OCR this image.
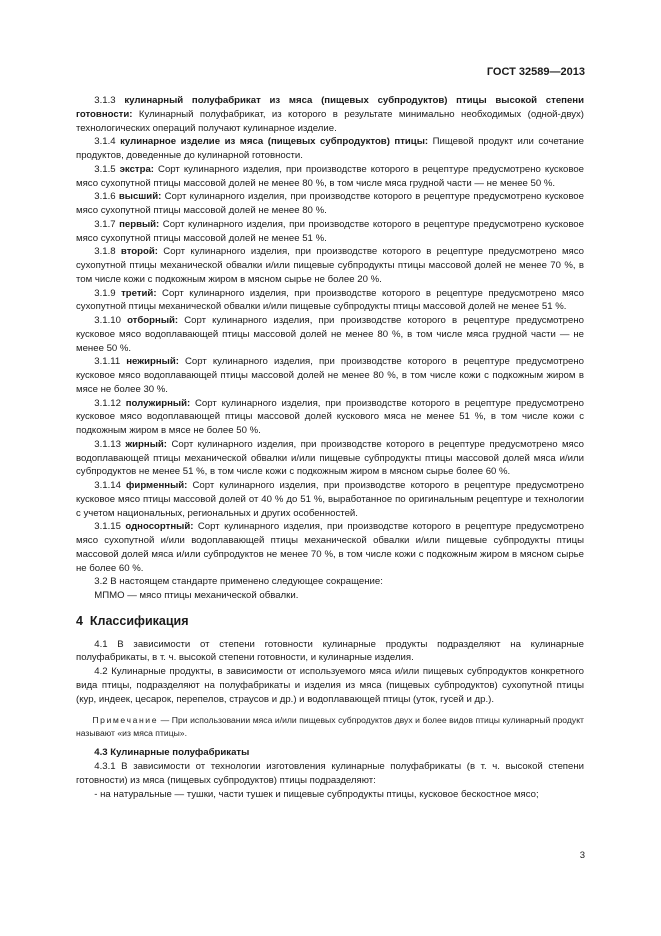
ГОСТ 32589—2013

3.1.3 кулинарный полуфабрикат из мяса (пищевых субпродуктов) птицы высокой степени готовности: Кулинарный полуфабрикат, из которого в результате минимально необходимых (одной-двух) технологических операций получают кулинарное изделие.

3.1.4 кулинарное изделие из мяса (пищевых субпродуктов) птицы: Пищевой продукт или сочетание продуктов, доведенные до кулинарной готовности.

3.1.5 экстра: Сорт кулинарного изделия, при производстве которого в рецептуре предусмотрено кусковое мясо сухопутной птицы массовой долей не менее 80 %, в том числе мяса грудной части — не менее 50 %.

3.1.6 высший: Сорт кулинарного изделия, при производстве которого в рецептуре предусмотрено кусковое мясо сухопутной птицы массовой долей не менее 80 %.

3.1.7 первый: Сорт кулинарного изделия, при производстве которого в рецептуре предусмотрено кусковое мясо сухопутной птицы массовой долей не менее 51 %.

3.1.8 второй: Сорт кулинарного изделия, при производстве которого в рецептуре предусмотрено мясо сухопутной птицы механической обвалки и/или пищевые субпродукты птицы массовой долей не менее 70 %, в том числе кожи с подкожным жиром в мясном сырье не более 20 %.

3.1.9 третий: Сорт кулинарного изделия, при производстве которого в рецептуре предусмотрено мясо сухопутной птицы механической обвалки и/или пищевые субпродукты птицы массовой долей не менее 51 %.

3.1.10 отборный: Сорт кулинарного изделия, при производстве которого в рецептуре предусмотрено кусковое мясо водоплавающей птицы массовой долей не менее 80 %, в том числе мяса грудной части — не менее 50 %.

3.1.11 нежирный: Сорт кулинарного изделия, при производстве которого в рецептуре предусмотрено кусковое мясо водоплавающей птицы массовой долей не менее 80 %, в том числе кожи с подкожным жиром в мясе не более 30 %.

3.1.12 полужирный: Сорт кулинарного изделия, при производстве которого в рецептуре предусмотрено кусковое мясо водоплавающей птицы массовой долей кускового мяса не менее 51 %, в том числе кожи с подкожным жиром в мясе не более 50 %.

3.1.13 жирный: Сорт кулинарного изделия, при производстве которого в рецептуре предусмотрено мясо водоплавающей птицы механической обвалки и/или пищевые субпродукты птицы массовой долей мяса и/или субпродуктов не менее 51 %, в том числе кожи с подкожным жиром в мясном сырье более 60 %.

3.1.14 фирменный: Сорт кулинарного изделия, при производстве которого в рецептуре предусмотрено кусковое мясо птицы массовой долей от 40 % до 51 %, выработанное по оригинальным рецептуре и технологии с учетом национальных, региональных и других особенностей.

3.1.15 односортный: Сорт кулинарного изделия, при производстве которого в рецептуре предусмотрено мясо сухопутной и/или водоплавающей птицы механической обвалки и/или пищевые субпродукты птицы массовой долей мяса и/или субпродуктов не менее 70 %, в том числе кожи с подкожным жиром в мясном сырье не более 60 %.

3.2 В настоящем стандарте применено следующее сокращение:

МПМО — мясо птицы механической обвалки.

4 Классификация

4.1 В зависимости от степени готовности кулинарные продукты подразделяют на кулинарные полуфабрикаты, в т. ч. высокой степени готовности, и кулинарные изделия.

4.2 Кулинарные продукты, в зависимости от используемого мяса и/или пищевых субпродуктов конкретного вида птицы, подразделяют на полуфабрикаты и изделия из мяса (пищевых субпродуктов) сухопутной птицы (кур, индеек, цесарок, перепелов, страусов и др.) и водоплавающей птицы (уток, гусей и др.).

Примечание — При использовании мяса и/или пищевых субпродуктов двух и более видов птицы кулинарный продукт называют «из мяса птицы».

4.3 Кулинарные полуфабрикаты

4.3.1 В зависимости от технологии изготовления кулинарные полуфабрикаты (в т. ч. высокой степени готовности) из мяса (пищевых субпродуктов) птицы подразделяют:

- на натуральные — тушки, части тушек и пищевые субпродукты птицы, кусковое бескостное мясо;

3
